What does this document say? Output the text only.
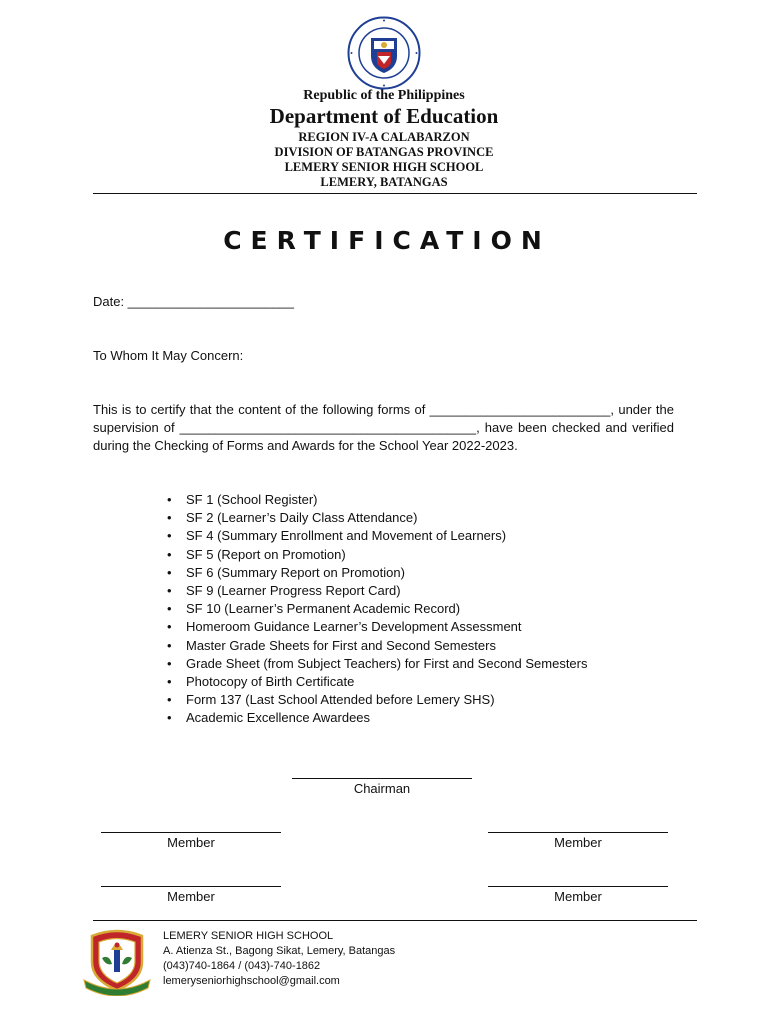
Republic of the Philippines
Department of Education
REGION IV-A CALABARZON
DIVISION OF BATANGAS PROVINCE
LEMERY SENIOR HIGH SCHOOL
LEMERY, BATANGAS
CERTIFICATION
Date: _______________________
To Whom It May Concern:
This is to certify that the content of the following forms of _________________________, under the supervision of _________________________________________, have been checked and verified during the Checking of Forms and Awards for the School Year 2022-2023.
• SF 1 (School Register)
• SF 2 (Learner’s Daily Class Attendance)
• SF 4 (Summary Enrollment and Movement of Learners)
• SF 5 (Report on Promotion)
• SF 6 (Summary Report on Promotion)
• SF 9 (Learner Progress Report Card)
• SF 10 (Learner’s Permanent Academic Record)
• Homeroom Guidance Learner’s Development Assessment
• Master Grade Sheets for First and Second Semesters
• Grade Sheet (from Subject Teachers) for First and Second Semesters
• Photocopy of Birth Certificate
• Form 137 (Last School Attended before Lemery SHS)
• Academic Excellence Awardees
Chairman
Member	Member
Member	Member
LEMERY SENIOR HIGH SCHOOL
A. Atienza St., Bagong Sikat, Lemery, Batangas
(043)740-1864 / (043)-740-1862
lemeryseniorhighschool@gmail.com
